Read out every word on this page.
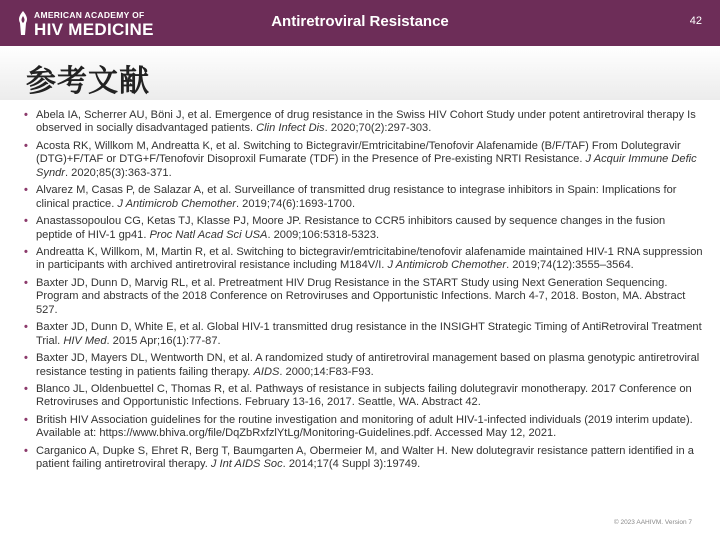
AMERICAN ACADEMY OF
HIV MEDICINE	Antiretroviral Resistance	42
参考文献
• Abela IA, Scherrer AU, Böni J, et al. Emergence of drug resistance in the Swiss HIV Cohort Study under potent antiretroviral therapy Is observed in socially disadvantaged patients. Clin Infect Dis. 2020;70(2):297-303.
• Acosta RK, Willkom M, Andreatta K, et al. Switching to Bictegravir/Emtricitabine/Tenofovir Alafenamide (B/F/TAF) From Dolutegravir (DTG)+F/TAF or DTG+F/Tenofovir Disoproxil Fumarate (TDF) in the Presence of Pre-existing NRTI Resistance. J Acquir Immune Defic Syndr. 2020;85(3):363-371.
• Alvarez M, Casas P, de Salazar A, et al. Surveillance of transmitted drug resistance to integrase inhibitors in Spain: Implications for clinical practice. J Antimicrob Chemother. 2019;74(6):1693-1700.
• Anastassopoulou CG, Ketas TJ, Klasse PJ, Moore JP. Resistance to CCR5 inhibitors caused by sequence changes in the fusion peptide of HIV-1 gp41. Proc Natl Acad Sci USA. 2009;106:5318-5323.
• Andreatta K, Willkom, M, Martin R, et al. Switching to bictegravir/emtricitabine/tenofovir alafenamide maintained HIV-1 RNA suppression in participants with archived antiretroviral resistance including M184V/I. J Antimicrob Chemother. 2019;74(12):3555–3564.
• Baxter JD, Dunn D, Marvig RL, et al. Pretreatment HIV Drug Resistance in the START Study using Next Generation Sequencing. Program and abstracts of the 2018 Conference on Retroviruses and Opportunistic Infections. March 4-7, 2018. Boston, MA. Abstract 527.
• Baxter JD, Dunn D, White E, et al. Global HIV-1 transmitted drug resistance in the INSIGHT Strategic Timing of AntiRetroviral Treatment Trial. HIV Med. 2015 Apr;16(1):77-87.
• Baxter JD, Mayers DL, Wentworth DN, et al. A randomized study of antiretroviral management based on plasma genotypic antiretroviral resistance testing in patients failing therapy. AIDS. 2000;14:F83-F93.
• Blanco JL, Oldenbuettel C, Thomas R, et al. Pathways of resistance in subjects failing dolutegravir monotherapy. 2017 Conference on Retroviruses and Opportunistic Infections. February 13-16, 2017. Seattle, WA. Abstract 42.
• British HIV Association guidelines for the routine investigation and monitoring of adult HIV-1-infected individuals (2019 interim update). Available at: https://www.bhiva.org/file/DqZbRxfzlYtLg/Monitoring-Guidelines.pdf. Accessed May 12, 2021.
• Carganico A, Dupke S, Ehret R, Berg T, Baumgarten A, Obermeier M, and Walter H. New dolutegravir resistance pattern identified in a patient failing antiretroviral therapy. J Int AIDS Soc. 2014;17(4 Suppl 3):19749.
© 2023 AAHIVM. Version 7
